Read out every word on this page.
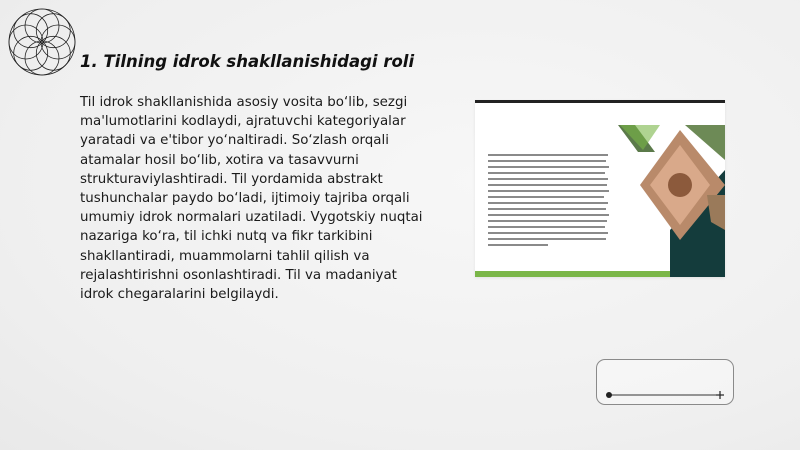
1. Tilning idrok shakllanishidagi roli
Til idrok shakllanishida asosiy vosita bo‘lib, sezgi ma'lumotlarini kodlaydi, ajratuvchi kategoriyalar yaratadi va e'tibor yo‘naltiradi. So‘zlash orqali atamalar hosil bo‘lib, xotira va tasavvurni strukturaviylashtiradi. Til yordamida abstrakt tushunchalar paydo bo‘ladi, ijtimoiy tajriba orqali umumiy idrok normalari uzatiladi. Vygotskiy nuqtai nazariga ko‘ra, til ichki nutq va fikr tarkibini shakllantiradi, muammolarni tahlil qilish va rejalashtirishni osonlashtiradi. Til va madaniyat idrok chegaralarini belgilaydi.
